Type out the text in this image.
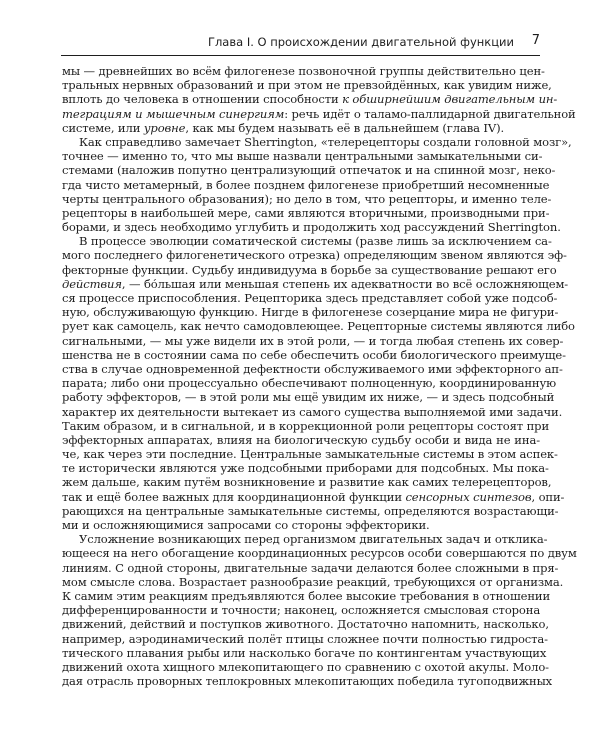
Глава I. О происхождении двигательной функции 7
мы — древнейших во всём филогенезе позвоночной группы действительно цен-
тральных нервных образований и при этом не превзойдённых, как увидим ниже,
вплоть до человека в отношении способности к обширнейшим двигательным ин-
теграциям и мышечным синергиям: речь идёт о таламо-паллидарной двигательной
системе, или уровне, как мы будем называть её в дальнейшем (глава IV).
Как справедливо замечает Sherrington, «телерецепторы создали головной мозг»,
точнее — именно то, что мы выше назвали центральными замыкательными си-
стемами (наложив попутно централизующий отпечаток и на спинной мозг, неко-
гда чисто метамерный, в более позднем филогенезе приобретший несомненные
черты центрального образования); но дело в том, что рецепторы, и именно теле-
рецепторы в наибольшей мере, сами являются вторичными, производными при-
борами, и здесь необходимо углубить и продолжить ход рассуждений Sherrington.
В процессе эволюции соматической системы (разве лишь за исключением са-
мого последнего филогенетического отрезка) определяющим звеном являются эф-
фекторные функции. Судьбу индивидуума в борьбе за существование решают его
действия, — бо́льшая или меньшая степень их адекватности во всё осложняющем-
ся процессе приспособления. Рецепторика здесь представляет собой уже подсоб-
ную, обслуживающую функцию. Нигде в филогенезе созерцание мира не фигури-
рует как самоцель, как нечто самодовлеющее. Рецепторные системы являются либо
сигнальными, — мы уже видели их в этой роли, — и тогда любая степень их совер-
шенства не в состоянии сама по себе обеспечить особи биологического преимуще-
ства в случае одновременной дефектности обслуживаемого ими эффекторного ап-
парата; либо они процессуально обеспечивают полноценную, координированную
работу эффекторов, — в этой роли мы ещё увидим их ниже, — и здесь подсобный
характер их деятельности вытекает из самого существа выполняемой ими задачи.
Таким образом, и в сигнальной, и в коррекционной роли рецепторы состоят при
эффекторных аппаратах, влияя на биологическую судьбу особи и вида не ина-
че, как через эти последние. Центральные замыкательные системы в этом аспек-
те исторически являются уже подсобными приборами для подсобных. Мы пока-
жем дальше, каким путём возникновение и развитие как самих телерецепторов,
так и ещё более важных для координационной функции сенсорных синтезов, опи-
рающихся на центральные замыкательные системы, определяются возрастающи-
ми и осложняющимися запросами со стороны эффекторики.
Усложнение возникающих перед организмом двигательных задач и отклика-
ющееся на него обогащение координационных ресурсов особи совершаются по двум
линиям. С одной стороны, двигательные задачи делаются более сложными в пря-
мом смысле слова. Возрастает разнообразие реакций, требующихся от организма.
К самим этим реакциям предъявляются более высокие требования в отношении
дифференцированности и точности; наконец, осложняется смысловая сторона
движений, действий и поступков животного. Достаточно напомнить, насколько,
например, аэродинамический полёт птицы сложнее почти полностью гидроста-
тического плавания рыбы или насколько богаче по контингентам участвующих
движений охота хищного млекопитающего по сравнению с охотой акулы. Моло-
дая отрасль проворных теплокровных млекопитающих победила тугоподвижных
